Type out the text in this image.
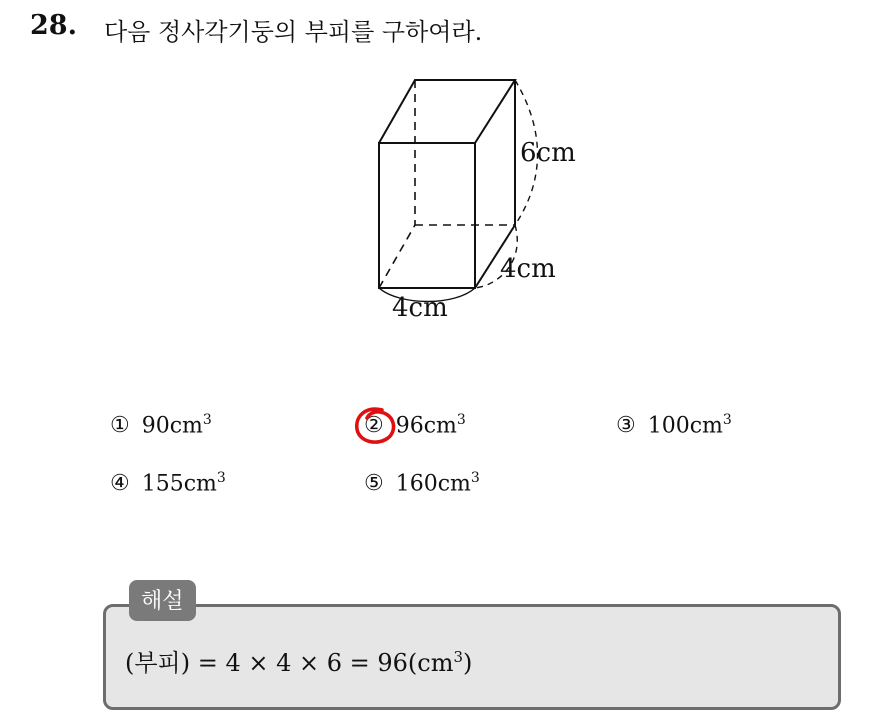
28. 다음 정사각기둥의 부피를 구하여라.
6cm
4cm
4cm
① $90cm^3$	② $96cm^3$	③ $100cm^3$
④ $155cm^3$	⑤ $160cm^3$
해설
(부피) = $4 \times 4 \times 6 = 96(cm^3)$
